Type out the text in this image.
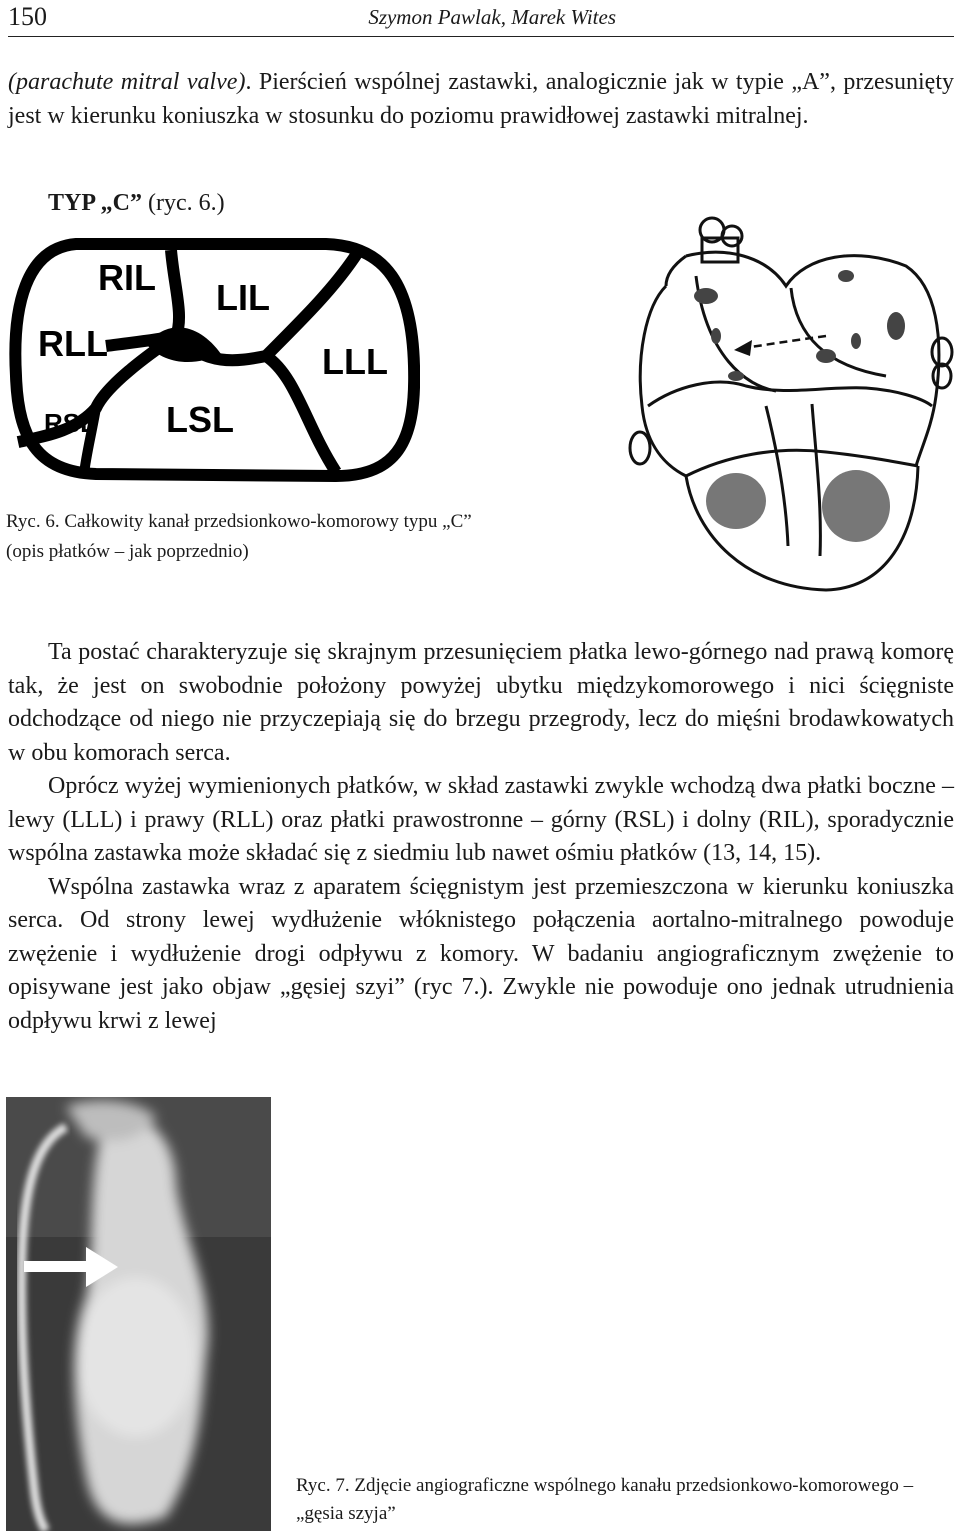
150	Szymon Pawlak, Marek Wites

(parachute mitral valve). Pierścień wspólnej zastawki, analogicznie jak w typie „A”, przesunięty jest w kierunku koniuszka w stosunku do poziomu prawidłowej zastawki mitralnej.

TYP „C” (ryc. 6.)
RIL LIL
RLL	LLL
RSL LSL
Ryc. 6. Całkowity kanał przedsionkowo-komorowy typu „C”
(opis płatków – jak poprzednio)

Ta postać charakteryzuje się skrajnym przesunięciem płatka lewo-górnego nad prawą komorę tak, że jest on swobodnie położony powyżej ubytku międzykomorowego i nici ścięgniste odchodzące od niego nie przyczepiają się do brzegu przegrody, lecz do mięśni brodawkowatych w obu komorach serca.

Oprócz wyżej wymienionych płatków, w skład zastawki zwykle wchodzą dwa płatki boczne – lewy (LLL) i prawy (RLL) oraz płatki prawostronne – górny (RSL) i dolny (RIL), sporadycznie wspólna zastawka może składać się z siedmiu lub nawet ośmiu płatków (13, 14, 15).

Wspólna zastawka wraz z aparatem ścięgnistym jest przemieszczona w kierunku koniuszka serca. Od strony lewej wydłużenie włóknistego połączenia aortalno-mitralnego powoduje zwężenie i wydłużenie drogi odpływu z komory. W badaniu angiograficznym zwężenie to opisywane jest jako objaw „gęsiej szyi” (ryc 7.). Zwykle nie powoduje ono jednak utrudnienia odpływu krwi z lewej

Ryc. 7. Zdjęcie angiograficzne wspólnego kanału przedsionkowo-komorowego – „gęsia szyja”
